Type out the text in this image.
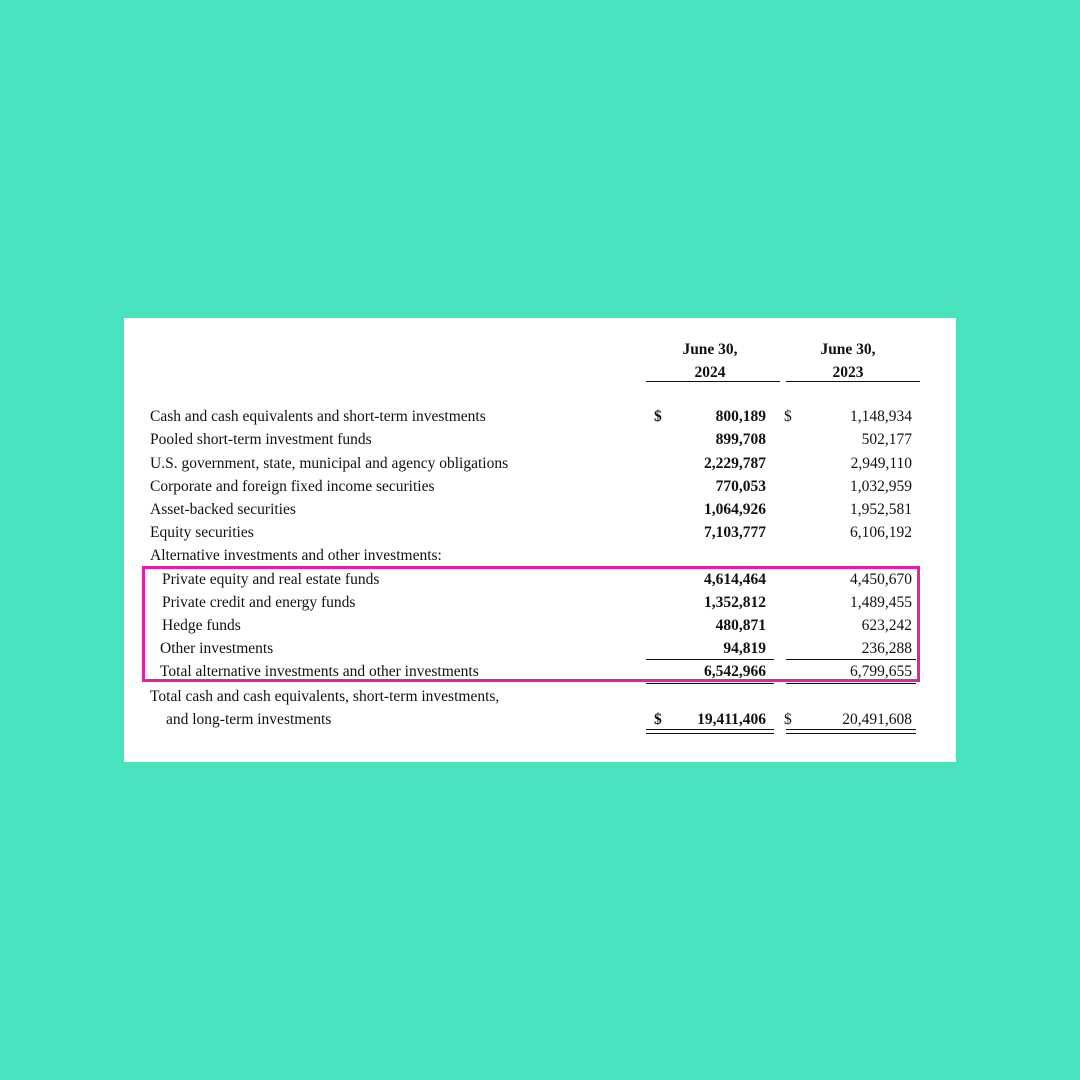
June 30,
2024
June 30,
2023
Cash and cash equivalents and short-term investments	$	800,189 $	1,148,934
Pooled short-term investment funds	899,708	502,177
U.S. government, state, municipal and agency obligations	2,229,787	2,949,110
Corporate and foreign fixed income securities	770,053	1,032,959
Asset-backed securities	1,064,926	1,952,581
Equity securities	7,103,777	6,106,192
Alternative investments and other investments:
Private equity and real estate funds	4,614,464	4,450,670
Private credit and energy funds	1,352,812	1,489,455
Hedge funds	480,871	623,242
Other investments	94,819	236,288
Total alternative investments and other investments	6,542,966	6,799,655
Total cash and cash equivalents, short-term investments,
and long-term investments	$	19,411,406 $	20,491,608
